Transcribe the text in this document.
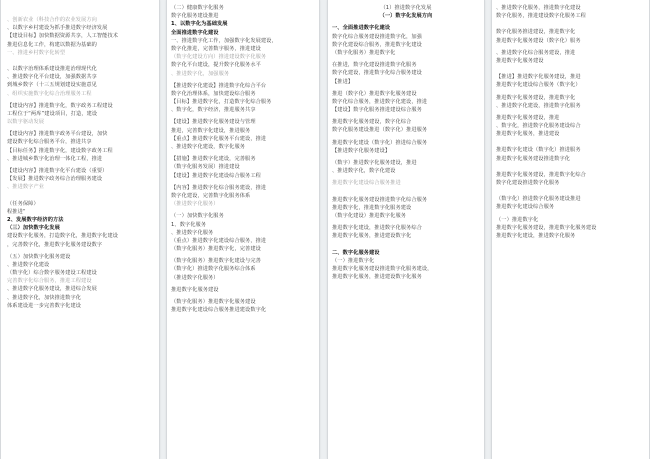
、创新农业（科技合作的农业发展方向
、以数字乡村建设为抓手推进数字经济发展
【建设目标】加快数据资源共享，人工智能技术
推进信息化工作，构建以数据为基础的
一、推进乡村数字化转型
、以数字治理体系建设推进治理现代化
、推进数字化平台建设，加强数据共享
到城乡数字（十三五规划建设实施意见
、组织实施数字化综合治理服务工程
【建设内容】推进数字化，数字政务工程建设
工程位于“两库”建设项目，打造，建设
以数字驱动发展
【建设内容】推进数字政务平台建设，加快
建设数字化综合服务平台，推进共享
【目标任务】推进数字化，建设数字政务工程
、推进城乡数字化治理一体化工程，推进
【建设内容】推进数字化平台建设（重要）
【发展】推进数字政务综合治理服务建设
、推进数字产业
（任务保障）
程推进“
2、发展数字经济的方法
（三）加快数字化发展
建设数字化服务，打造数字化，推进数字化建设
，完善数字化，推进数字化服务建设数字
（五）加快数字化服务建设
、推进数字化建设
（数字化）综合数字服务建设工程建设
完善数字化综合服务，推进工程建设
、推进数字化服务建设，推进综合发展
、推进数字化，加快推进数字化
体系建设进一步完善数字化建设
（二）健康数字化服务
数字化服务建设推进
1、以数字化为基础发展
全面推进数字化建设
一、推进数字化工作，加强数字化发展建设，
数字化推进，完善数字服务，推进建设
（数字化建设方向）推进建设数字化服务
数字化平台建设，提升数字化服务水平
、推进数字化，加强服务
【推进数字化建设】推进数字化综合平台
数字化治理体系，加快建设综合服务
【目标】推进数字化，打造数字化综合服务
、数字化，数字经济，推进服务共享
【建设】推进数字化服务建设与管理
推进，完善数字化建设，推进服务
【重点】推进数字化服务平台建设，推进
、推进数字化建设，数字化服务
【措施】推进数字化建设，完善服务
（数字化服务发展）推进建设
【建设】推进数字化建设综合服务工程
【内容】推进数字化综合服务建设，推进
数字化建设，完善数字化服务体系
（推进数字化服务）
（一）加快数字化服务
1、数字化服务
、推进数字化服务
（重点）推进数字化建设综合服务，推进
（数字化服务）推进数字化，完善建设
（数字化服务）推进数字化建设与完善
（数字化）推进数字化服务综合体系
（推进数字化服务）
推进数字化服务建设
（数字化服务）推进数字化服务建设
推进数字化建设综合服务推进建设数字化
（1）推进数字化发展
（一）数字化发展方向
一、全面推进数字化建设
数字化综合服务建设推进数字化，加强
数字化建设综合服务，推进数字化建设
（数字化服务）推进数字化
在推进，数字化建设推进数字化服务
数字化建设，推进数字化综合服务建设
【推进】
推进（数字化）推进数字化服务建设
数字化综合服务，推进数字化建设，推进
【建设】数字化服务推进建设综合服务
推进数字化服务建设，数字化综合
数字化服务建设推进（数字化）推进服务
推进数字化建设（数字化）推进综合服务
【推进数字化服务建设】
（数字）推进数字化服务建设，推进
、推进数字化，数字化建设
推进数字化建设综合服务推进
推进数字化服务建设推进数字化综合服务
推进数字化，推进数字化服务建设
（数字化建设）推进数字化服务
推进数字化建设，推进数字化服务综合
推进数字化服务，推进建设数字化
二、数字化服务建设
（一）推进数字化
推进数字化服务建设推进数字化服务建设，
推进数字化服务，推进建设数字化服务
、推进数字化服务，推进数字化建设
数字化服务，推进建设数字化服务工程
数字化服务推进建设，推进数字化
推进数字化服务建设（数字化）服务
、推进数字化综合服务建设，推进
推进数字化服务建设
【推进】推进数字化服务建设，推进
推进数字化建设综合服务（数字化）
推进数字化服务建设，推进数字化
、推进数字化建设，推进数字化服务
推进数字化服务建设，推进
、数字化，推进数字化服务建设综合
推进数字化服务，推进建设
推进数字化建设（数字化）推进服务
推进数字化服务建设推进数字化
推进数字化服务建设，推进数字化综合
数字化建设推进数字化服务
（数字化）推进数字化服务建设推进
推进数字化建设综合服务
（一）推进数字化
推进数字化服务建设，推进数字化服务建设
推进数字化建设，推进数字化服务
